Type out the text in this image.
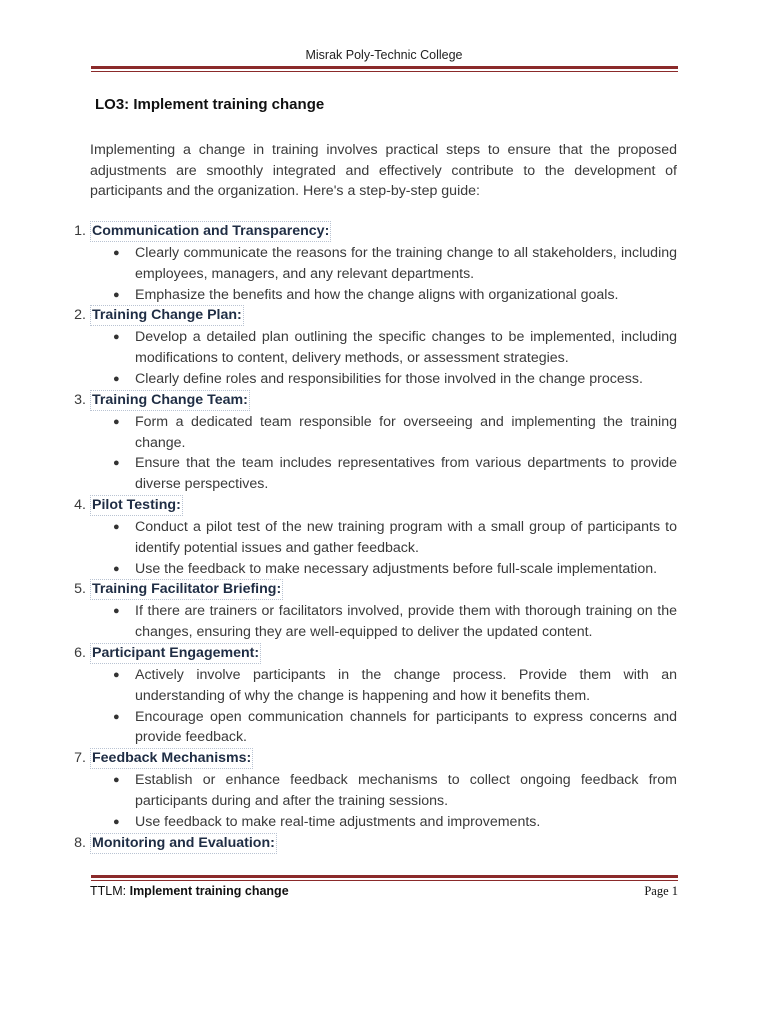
Misrak Poly-Technic College
LO3: Implement training change
Implementing a change in training involves practical steps to ensure that the proposed adjustments are smoothly integrated and effectively contribute to the development of participants and the organization. Here's a step-by-step guide:
1. Communication and Transparency:
● Clearly communicate the reasons for the training change to all stakeholders, including employees, managers, and any relevant departments.
● Emphasize the benefits and how the change aligns with organizational goals.
2. Training Change Plan:
● Develop a detailed plan outlining the specific changes to be implemented, including modifications to content, delivery methods, or assessment strategies.
● Clearly define roles and responsibilities for those involved in the change process.
3. Training Change Team:
● Form a dedicated team responsible for overseeing and implementing the training change.
● Ensure that the team includes representatives from various departments to provide diverse perspectives.
4. Pilot Testing:
● Conduct a pilot test of the new training program with a small group of participants to identify potential issues and gather feedback.
● Use the feedback to make necessary adjustments before full-scale implementation.
5. Training Facilitator Briefing:
● If there are trainers or facilitators involved, provide them with thorough training on the changes, ensuring they are well-equipped to deliver the updated content.
6. Participant Engagement:
● Actively involve participants in the change process. Provide them with an understanding of why the change is happening and how it benefits them.
● Encourage open communication channels for participants to express concerns and provide feedback.
7. Feedback Mechanisms:
● Establish or enhance feedback mechanisms to collect ongoing feedback from participants during and after the training sessions.
● Use feedback to make real-time adjustments and improvements.
8. Monitoring and Evaluation:
TTLM: Implement training change	Page 1
